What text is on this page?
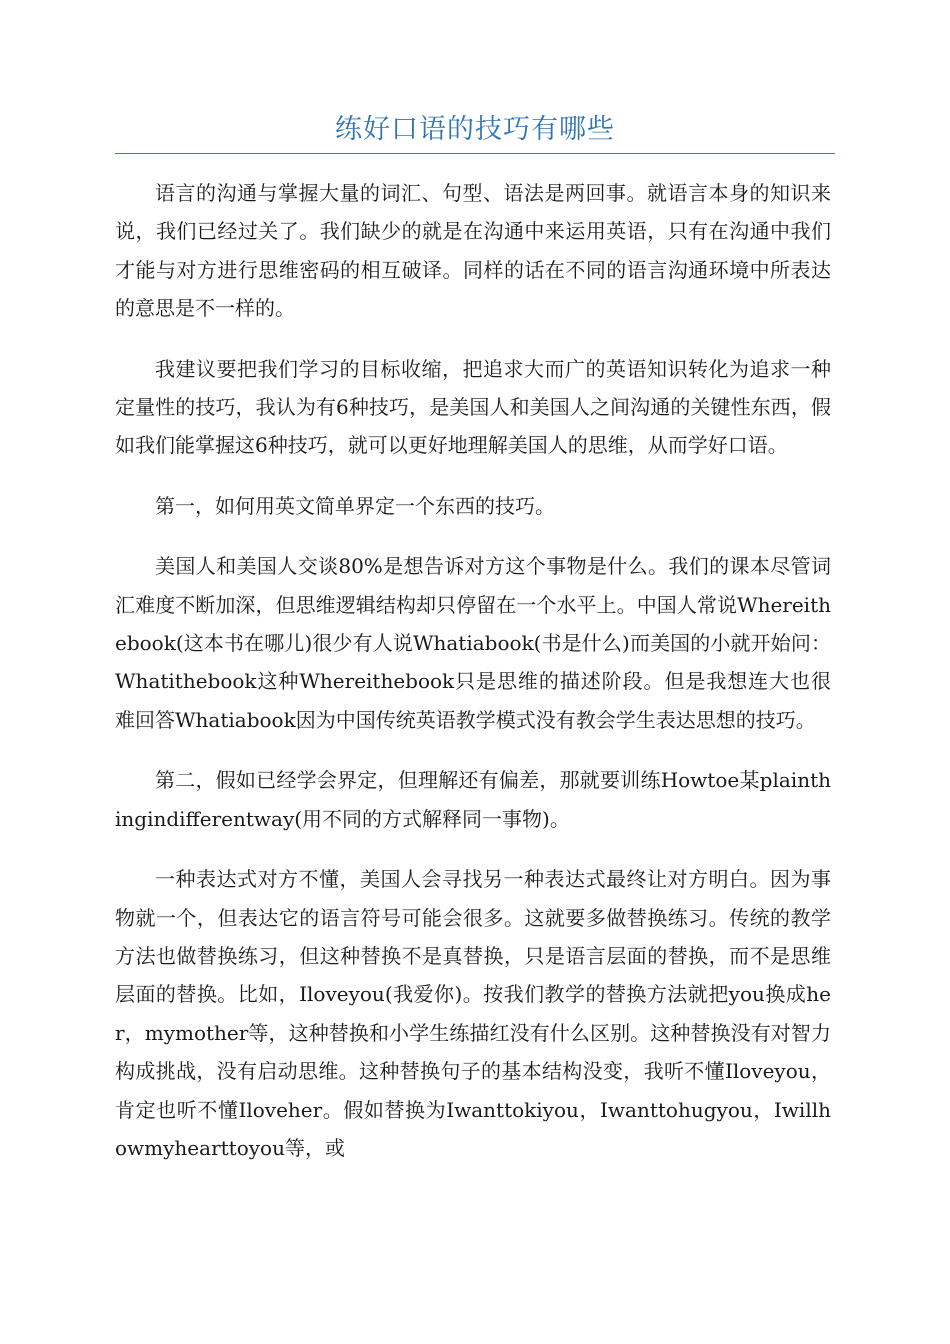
练好口语的技巧有哪些

语言的沟通与掌握大量的词汇、句型、语法是两回事。就语言本身的知识来说，我们已经过关了。我们缺少的就是在沟通中来运用英语，只有在沟通中我们才能与对方进行思维密码的相互破译。同样的话在不同的语言沟通环境中所表达的意思是不一样的。

我建议要把我们学习的目标收缩，把追求大而广的英语知识转化为追求一种定量性的技巧，我认为有6种技巧，是美国人和美国人之间沟通的关键性东西，假如我们能掌握这6种技巧，就可以更好地理解美国人的思维，从而学好口语。

第一，如何用英文简单界定一个东西的技巧。

美国人和美国人交谈80%是想告诉对方这个事物是什么。我们的课本尽管词汇难度不断加深，但思维逻辑结构却只停留在一个水平上。中国人常说Whereithebook(这本书在哪儿)很少有人说Whatiabook(书是什么)而美国的小就开始问：Whatithebook这种Whereithebook只是思维的描述阶段。但是我想连大也很难回答Whatiabook因为中国传统英语教学模式没有教会学生表达思想的技巧。

第二，假如已经学会界定，但理解还有偏差，那就要训练Howtoe某plainthingindifferentway(用不同的方式解释同一事物)。

一种表达式对方不懂，美国人会寻找另一种表达式最终让对方明白。因为事物就一个，但表达它的语言符号可能会很多。这就要多做替换练习。传统的教学方法也做替换练习，但这种替换不是真替换，只是语言层面的替换，而不是思维层面的替换。比如，Iloveyou(我爱你)。按我们教学的替换方法就把you换成her，mymother等，这种替换和小学生练描红没有什么区别。这种替换没有对智力构成挑战，没有启动思维。这种替换句子的基本结构没变，我听不懂Iloveyou，肯定也听不懂Iloveher。假如替换为Iwanttokiyou，Iwanttohugyou，Iwillhowmyhearttoyou等，或
